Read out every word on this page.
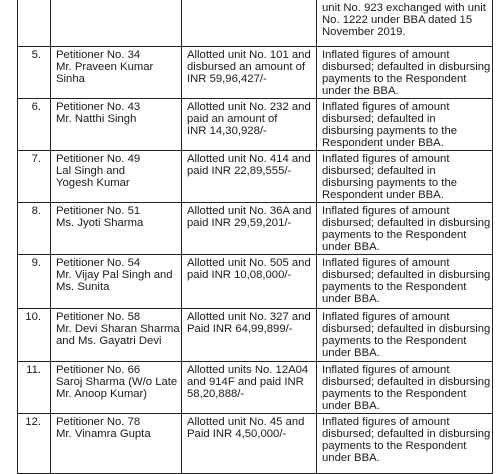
			unit No. 923 exchanged with unit
No. 1222 under BBA dated 15
November 2019.

5.	Petitioner No. 34
Mr. Praveen Kumar
Sinha	Allotted unit No. 101 and
disbursed an amount of
INR 59,96,427/-	Inflated figures of amount
disbursed; defaulted in disbursing
payments to the Respondent
under the BBA.

6.	Petitioner No. 43
Mr. Natthi Singh	Allotted unit No. 232 and
paid an amount of
INR 14,30,928/-	Inflated figures of amount
disbursed; defaulted in
disbursing payments to the
Respondent under BBA.

7.	Petitioner No. 49
Lal Singh and
Yogesh Kumar	Allotted unit No. 414 and
paid INR 22,89,555/-	Inflated figures of amount
disbursed; defaulted in
disbursing payments to the
Respondent under BBA.

8.	Petitioner No. 51
Ms. Jyoti Sharma	Allotted unit No. 36A and
paid INR 29,59,201/-	Inflated figures of amount
disbursed; defaulted in disbursing
payments to the Respondent
under BBA.

9.	Petitioner No. 54
Mr. Vijay Pal Singh and
Ms. Sunita	Allotted unit No. 505 and
paid INR 10,08,000/-	Inflated figures of amount
disbursed; defaulted in disbursing
payments to the Respondent
under BBA.

10.	Petitioner No. 58
Mr. Devi Sharan Sharma
and Ms. Gayatri Devi	Allotted unit No. 327 and
Paid INR 64,99,899/-	Inflated figures of amount
disbursed; defaulted in disbursing
payments to the Respondent
under BBA.

11.	Petitioner No. 66
Saroj Sharma (W/o Late
Mr. Anoop Kumar)	Allotted units No. 12A04
and 914F and paid INR
58,20,888/-	Inflated figures of amount
disbursed; defaulted in disbursing
payments to the Respondent
under BBA.

12.	Petitioner No. 78
Mr. Vinamra Gupta	Allotted unit No. 45 and
Paid INR 4,50,000/-	Inflated figures of amount
disbursed; defaulted in disbursing
payments to the Respondent
under BBA.
